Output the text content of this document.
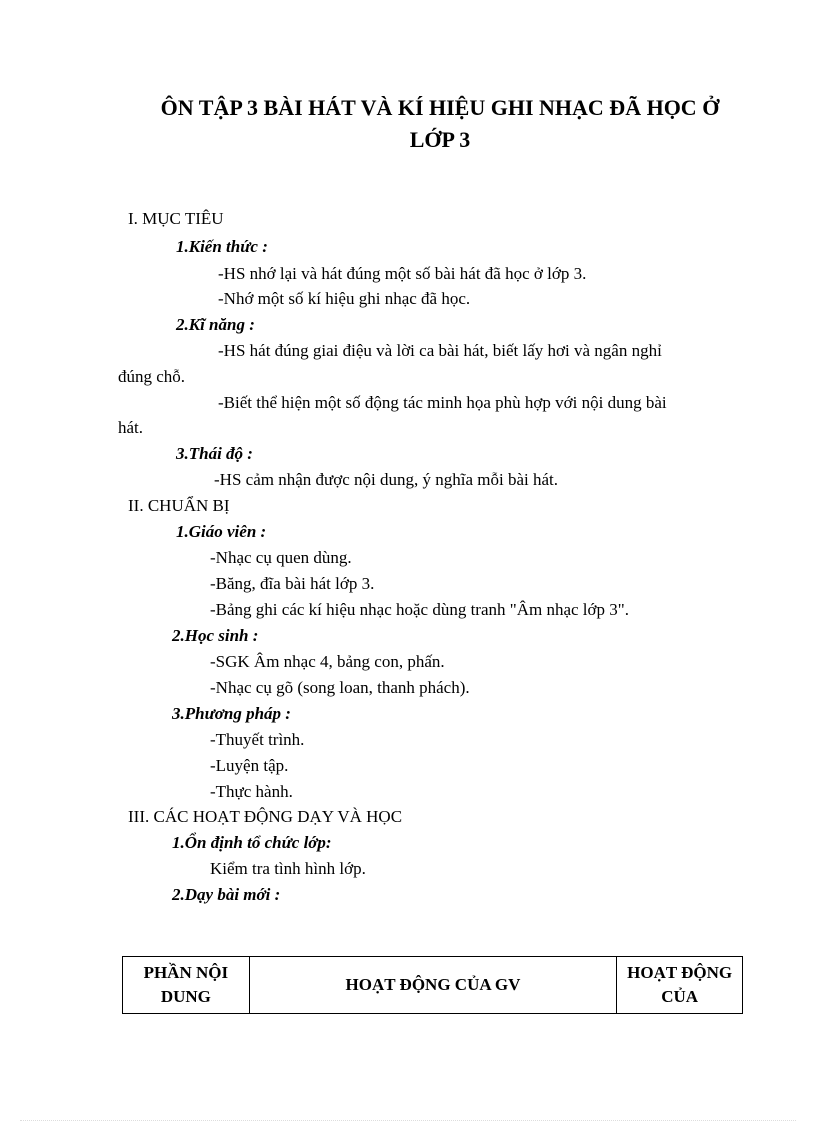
ÔN TẬP 3 BÀI HÁT VÀ KÍ HIỆU GHI NHẠC ĐÃ HỌC Ở
LỚP 3
I. MỤC TIÊU
1.Kiến thức :
-HS nhớ lại và hát đúng một số bài hát đã học ở lớp 3.
-Nhớ một số kí hiệu ghi nhạc đã học.
2.Kĩ năng :
-HS hát đúng giai điệu và lời ca bài hát, biết lấy hơi và ngân nghỉ
đúng chỗ.
-Biết thể hiện một số động tác minh họa phù hợp với nội dung bài
hát.
3.Thái độ :
-HS cảm nhận được nội dung, ý nghĩa mỗi bài hát.
II. CHUẨN BỊ
1.Giáo viên :
-Nhạc cụ quen dùng.
-Băng, đĩa bài hát lớp 3.
-Bảng ghi các kí hiệu nhạc hoặc dùng tranh "Âm nhạc lớp 3".
2.Học sinh :
-SGK Âm nhạc 4, bảng con, phấn.
-Nhạc cụ gõ (song loan, thanh phách).
3.Phương pháp :
-Thuyết trình.
-Luyện tập.
-Thực hành.
III. CÁC HOẠT ĐỘNG DẠY VÀ HỌC
1.Ổn định tổ chức lớp:
Kiểm tra tình hình lớp.
2.Dạy bài mới :
PHẦN NỘI DUNG	HOẠT ĐỘNG CỦA GV	HOẠT ĐỘNG CỦA
